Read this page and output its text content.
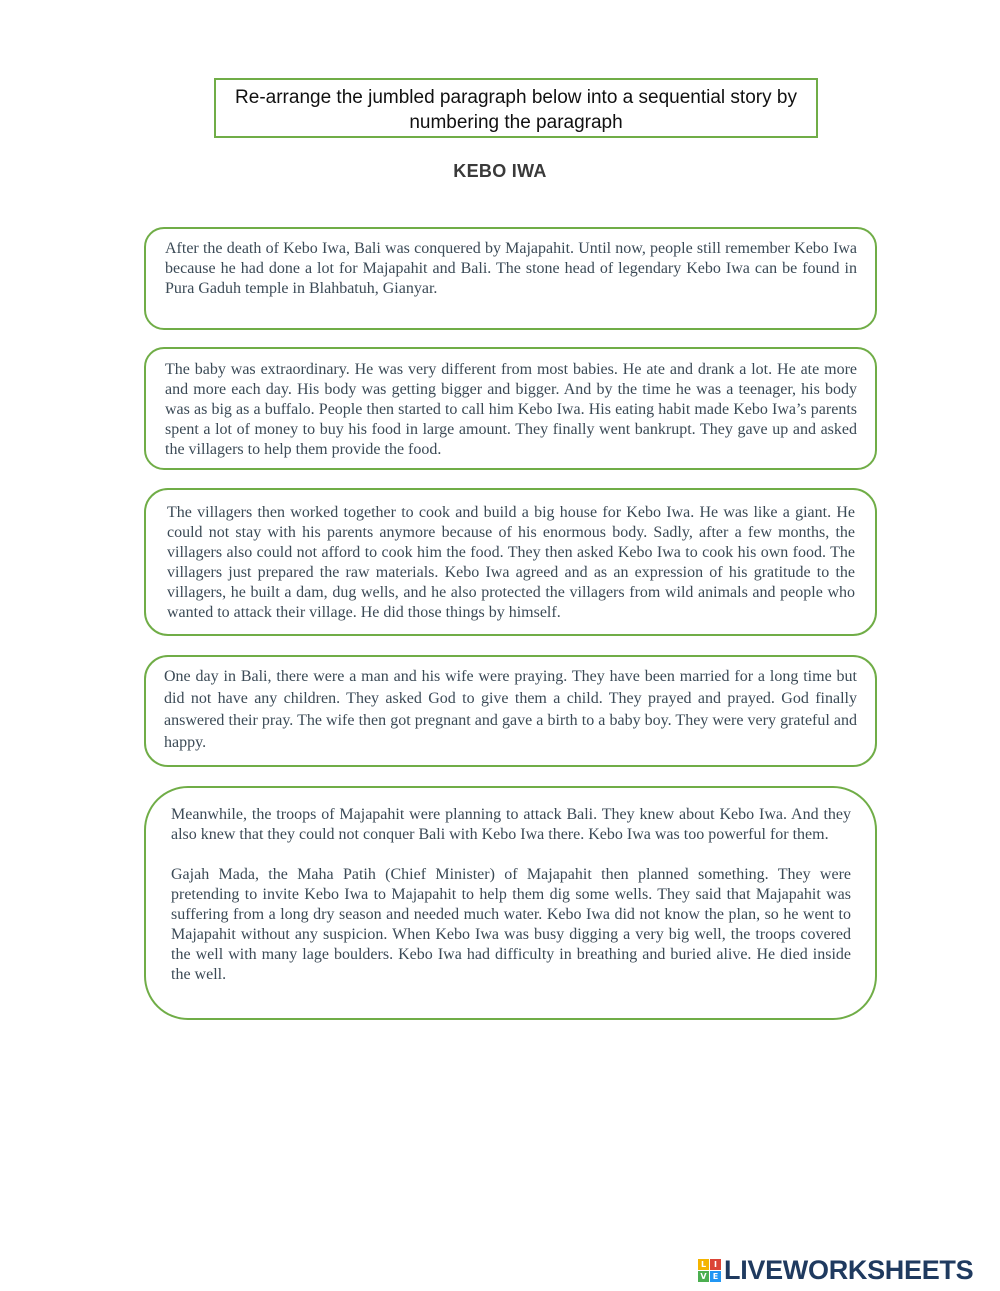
Re-arrange the jumbled paragraph below into a sequential story by numbering the paragraph
KEBO IWA

After the death of Kebo Iwa, Bali was conquered by Majapahit. Until now, people still remember Kebo Iwa because he had done a lot for Majapahit and Bali. The stone head of legendary Kebo Iwa can be found in Pura Gaduh temple in Blahbatuh, Gianyar.

The baby was extraordinary. He was very different from most babies. He ate and drank a lot. He ate more and more each day. His body was getting bigger and bigger. And by the time he was a teenager, his body was as big as a buffalo. People then started to call him Kebo Iwa. His eating habit made Kebo Iwa’s parents spent a lot of money to buy his food in large amount. They finally went bankrupt. They gave up and asked the villagers to help them provide the food.

The villagers then worked together to cook and build a big house for Kebo Iwa. He was like a giant. He could not stay with his parents anymore because of his enormous body. Sadly, after a few months, the villagers also could not afford to cook him the food. They then asked Kebo Iwa to cook his own food. The villagers just prepared the raw materials. Kebo Iwa agreed and as an expression of his gratitude to the villagers, he built a dam, dug wells, and he also protected the villagers from wild animals and people who wanted to attack their village. He did those things by himself.

One day in Bali, there were a man and his wife were praying. They have been married for a long time but did not have any children. They asked God to give them a child. They prayed and prayed. God finally answered their pray. The wife then got pregnant and gave a birth to a baby boy. They were very grateful and happy.

Meanwhile, the troops of Majapahit were planning to attack Bali. They knew about Kebo Iwa. And they also knew that they could not conquer Bali with Kebo Iwa there. Kebo Iwa was too powerful for them.

Gajah Mada, the Maha Patih (Chief Minister) of Majapahit then planned something. They were pretending to invite Kebo Iwa to Majapahit to help them dig some wells. They said that Majapahit was suffering from a long dry season and needed much water. Kebo Iwa did not know the plan, so he went to Majapahit without any suspicion. When Kebo Iwa was busy digging a very big well, the troops covered the well with many lage boulders. Kebo Iwa had difficulty in breathing and buried alive. He died inside the well.

L I
V E LIVEWORKSHEETS
